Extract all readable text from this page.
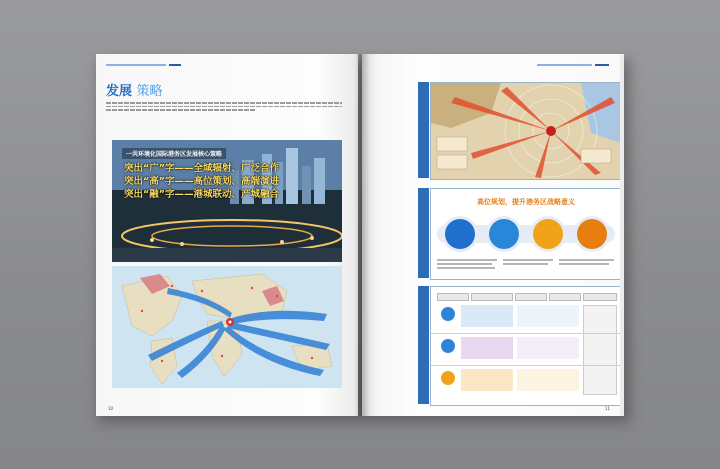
发展 策略
一共环境化国际港务区发展核心策略
突出“广”字——全域辐射、广泛合作
突出“高”字——高位策划、高端演进
突出“融”字——港城联动、产城融合
10

高位规划，提升港务区战略意义
11
